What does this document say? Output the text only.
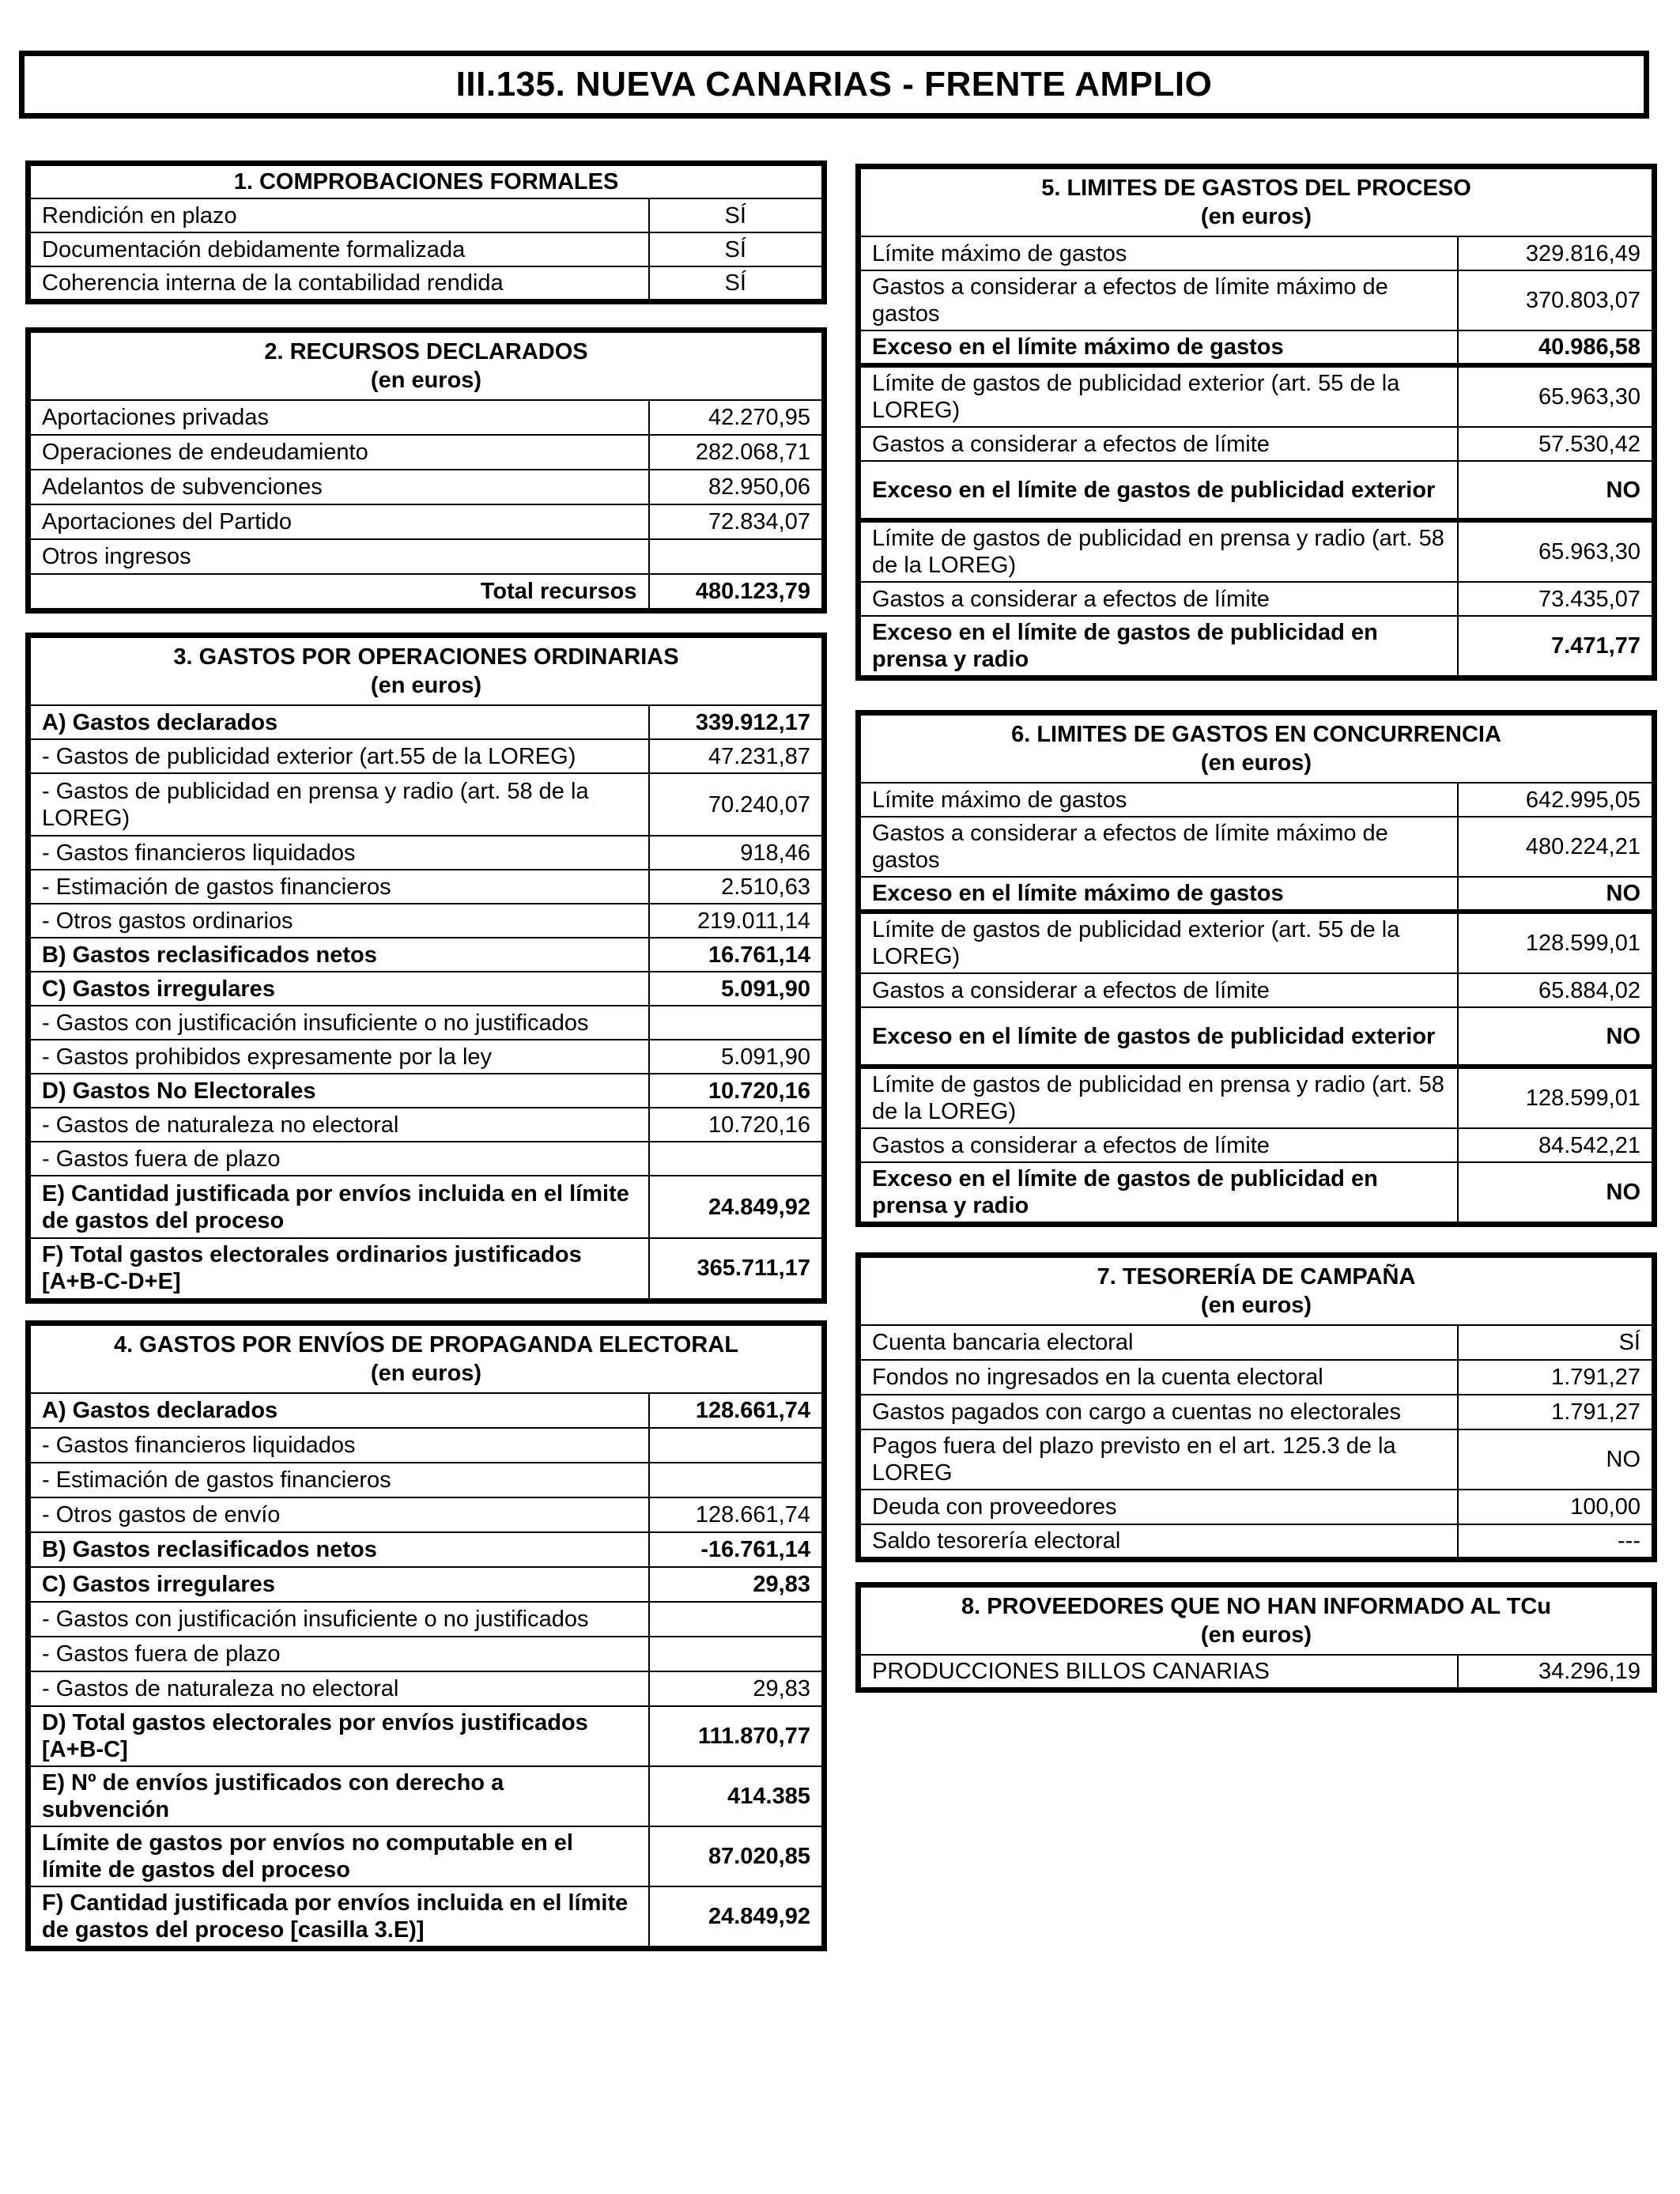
III.135. NUEVA CANARIAS - FRENTE AMPLIO
1. COMPROBACIONES FORMALES	
Rendición en plazo	SÍ
Documentación debidamente formalizada	SÍ
Coherencia interna de la contabilidad rendida	SÍ
2. RECURSOS DECLARADOS
(en euros)	

Aportaciones privadas	42.270,95
Operaciones de endeudamiento	282.068,71
Adelantos de subvenciones	82.950,06
Aportaciones del Partido	72.834,07
Otros ingresos	
Total recursos	480.123,79
3. GASTOS POR OPERACIONES ORDINARIAS
(en euros)	

A) Gastos declarados	339.912,17
- Gastos de publicidad exterior (art.55 de la LOREG)	47.231,87
- Gastos de publicidad en prensa y radio (art. 58 de la LOREG)	70.240,07
- Gastos financieros liquidados	918,46
- Estimación de gastos financieros	2.510,63
- Otros gastos ordinarios	219.011,14
B) Gastos reclasificados netos	16.761,14
C) Gastos irregulares	5.091,90
- Gastos con justificación insuficiente o no justificados	
- Gastos prohibidos expresamente por la ley	5.091,90
D) Gastos No Electorales	10.720,16
- Gastos de naturaleza no electoral	10.720,16
- Gastos fuera de plazo	
E) Cantidad justificada por envíos incluida en el límite de gastos del proceso	24.849,92
F) Total gastos electorales ordinarios justificados [A+B-C-D+E]	365.711,17
4. GASTOS POR ENVÍOS DE PROPAGANDA ELECTORAL
(en euros)	

A) Gastos declarados	128.661,74
- Gastos financieros liquidados	
- Estimación de gastos financieros	
- Otros gastos de envío	128.661,74
B) Gastos reclasificados netos	-16.761,14
C) Gastos irregulares	29,83
- Gastos con justificación insuficiente o no justificados	
- Gastos fuera de plazo	
- Gastos de naturaleza no electoral	29,83
D) Total gastos electorales por envíos justificados [A+B-C]	111.870,77
E) Nº de envíos justificados con derecho a subvención	414.385
Límite de gastos por envíos no computable en el límite de gastos del proceso	87.020,85
F) Cantidad justificada por envíos incluida en el límite de gastos del proceso [casilla 3.E)]	24.849,92
5. LIMITES DE GASTOS DEL PROCESO
(en euros)	

Límite máximo de gastos	329.816,49
Gastos a considerar a efectos de límite máximo de gastos	370.803,07
Exceso en el límite máximo de gastos	40.986,58
Límite de gastos de publicidad exterior (art. 55 de la LOREG)	65.963,30
Gastos a considerar a efectos de límite	57.530,42
Exceso en el límite de gastos de publicidad exterior	NO
Límite de gastos de publicidad en prensa y radio (art. 58 de la LOREG)	65.963,30
Gastos a considerar a efectos de límite	73.435,07
Exceso en el límite de gastos de publicidad en prensa y radio	7.471,77
6. LIMITES DE GASTOS EN CONCURRENCIA
(en euros)	

Límite máximo de gastos	642.995,05
Gastos a considerar a efectos de límite máximo de gastos	480.224,21
Exceso en el límite máximo de gastos	NO
Límite de gastos de publicidad exterior (art. 55 de la LOREG)	128.599,01
Gastos a considerar a efectos de límite	65.884,02
Exceso en el límite de gastos de publicidad exterior	NO
Límite de gastos de publicidad en prensa y radio (art. 58 de la LOREG)	128.599,01
Gastos a considerar a efectos de límite	84.542,21
Exceso en el límite de gastos de publicidad en prensa y radio	NO
7. TESORERÍA DE CAMPAÑA
(en euros)	

Cuenta bancaria electoral	SÍ
Fondos no ingresados en la cuenta electoral	1.791,27
Gastos pagados con cargo a cuentas no electorales	1.791,27
Pagos fuera del plazo previsto en el art. 125.3 de la LOREG	NO
Deuda con proveedores	100,00
Saldo tesorería electoral	---
8. PROVEEDORES QUE NO HAN INFORMADO AL TCu
(en euros)

PRODUCCIONES BILLOS CANARIAS	34.296,19
